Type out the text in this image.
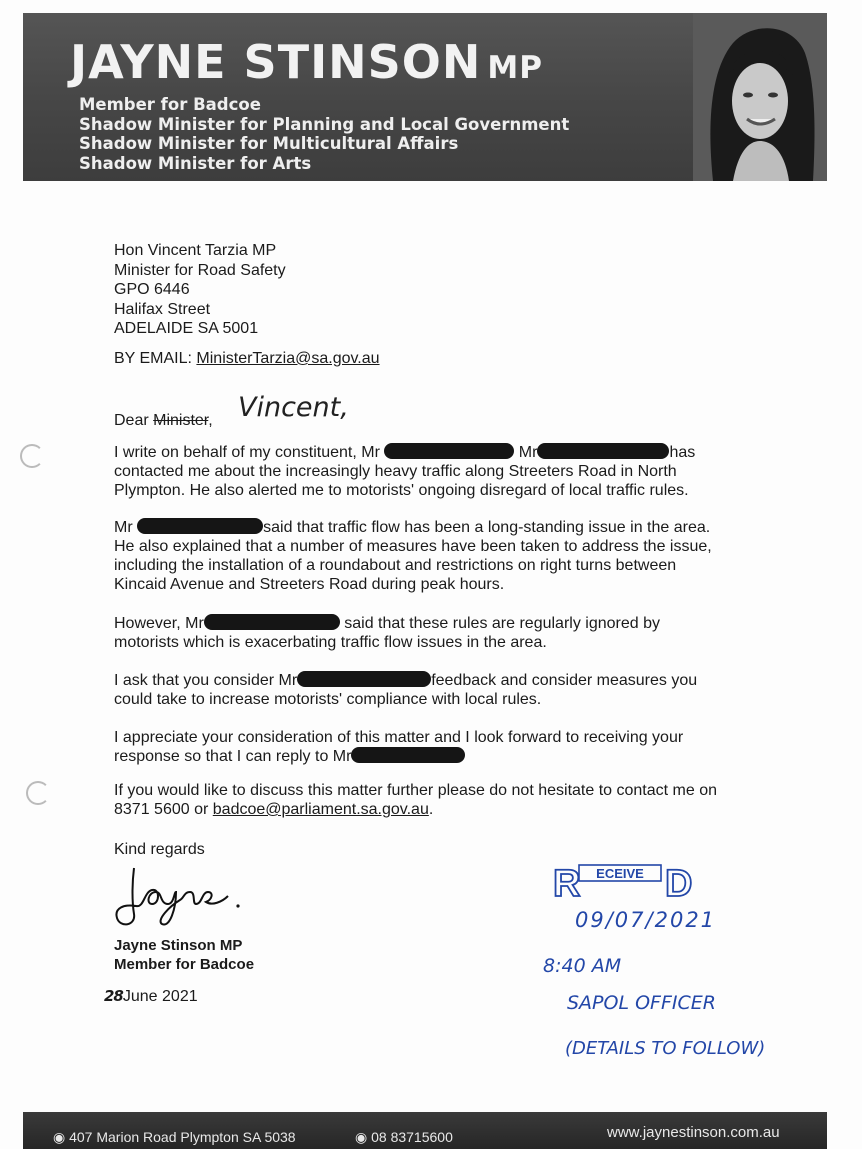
JAYNE STINSON MP
Member for Badcoe
Shadow Minister for Planning and Local Government
Shadow Minister for Multicultural Affairs
Shadow Minister for Arts
Hon Vincent Tarzia MP
Minister for Road Safety
GPO 6446
Halifax Street
ADELAIDE SA 5001
BY EMAIL: MinisterTarzia@sa.gov.au
Dear Minister, Vincent,
I write on behalf of my constituent, Mr	Mr	has contacted me about the increasingly heavy traffic along Streeters Road in North Plympton. He also alerted me to motorists' ongoing disregard of local traffic rules.
Mr	said that traffic flow has been a long-standing issue in the area. He also explained that a number of measures have been taken to address the issue, including the installation of a roundabout and restrictions on right turns between Kincaid Avenue and Streeters Road during peak hours.
However, Mr	said that these rules are regularly ignored by motorists which is exacerbating traffic flow issues in the area.
I ask that you consider Mr	feedback and consider measures you could take to increase motorists' compliance with local rules.
I appreciate your consideration of this matter and I look forward to receiving your response so that I can reply to Mr
If you would like to discuss this matter further please do not hesitate to contact me on 8371 5600 or badcoe@parliament.sa.gov.au.
Kind regards
Jayne Stinson MP
Member for Badcoe
28June 2021
R D
ECEIVE
09/07/2021
8:40 AM
SAPOL OFFICER
(DETAILS TO FOLLOW)
◉ 407 Marion Road Plympton SA 5038	◉ 08 83715600	www.jaynestinson.com.au
